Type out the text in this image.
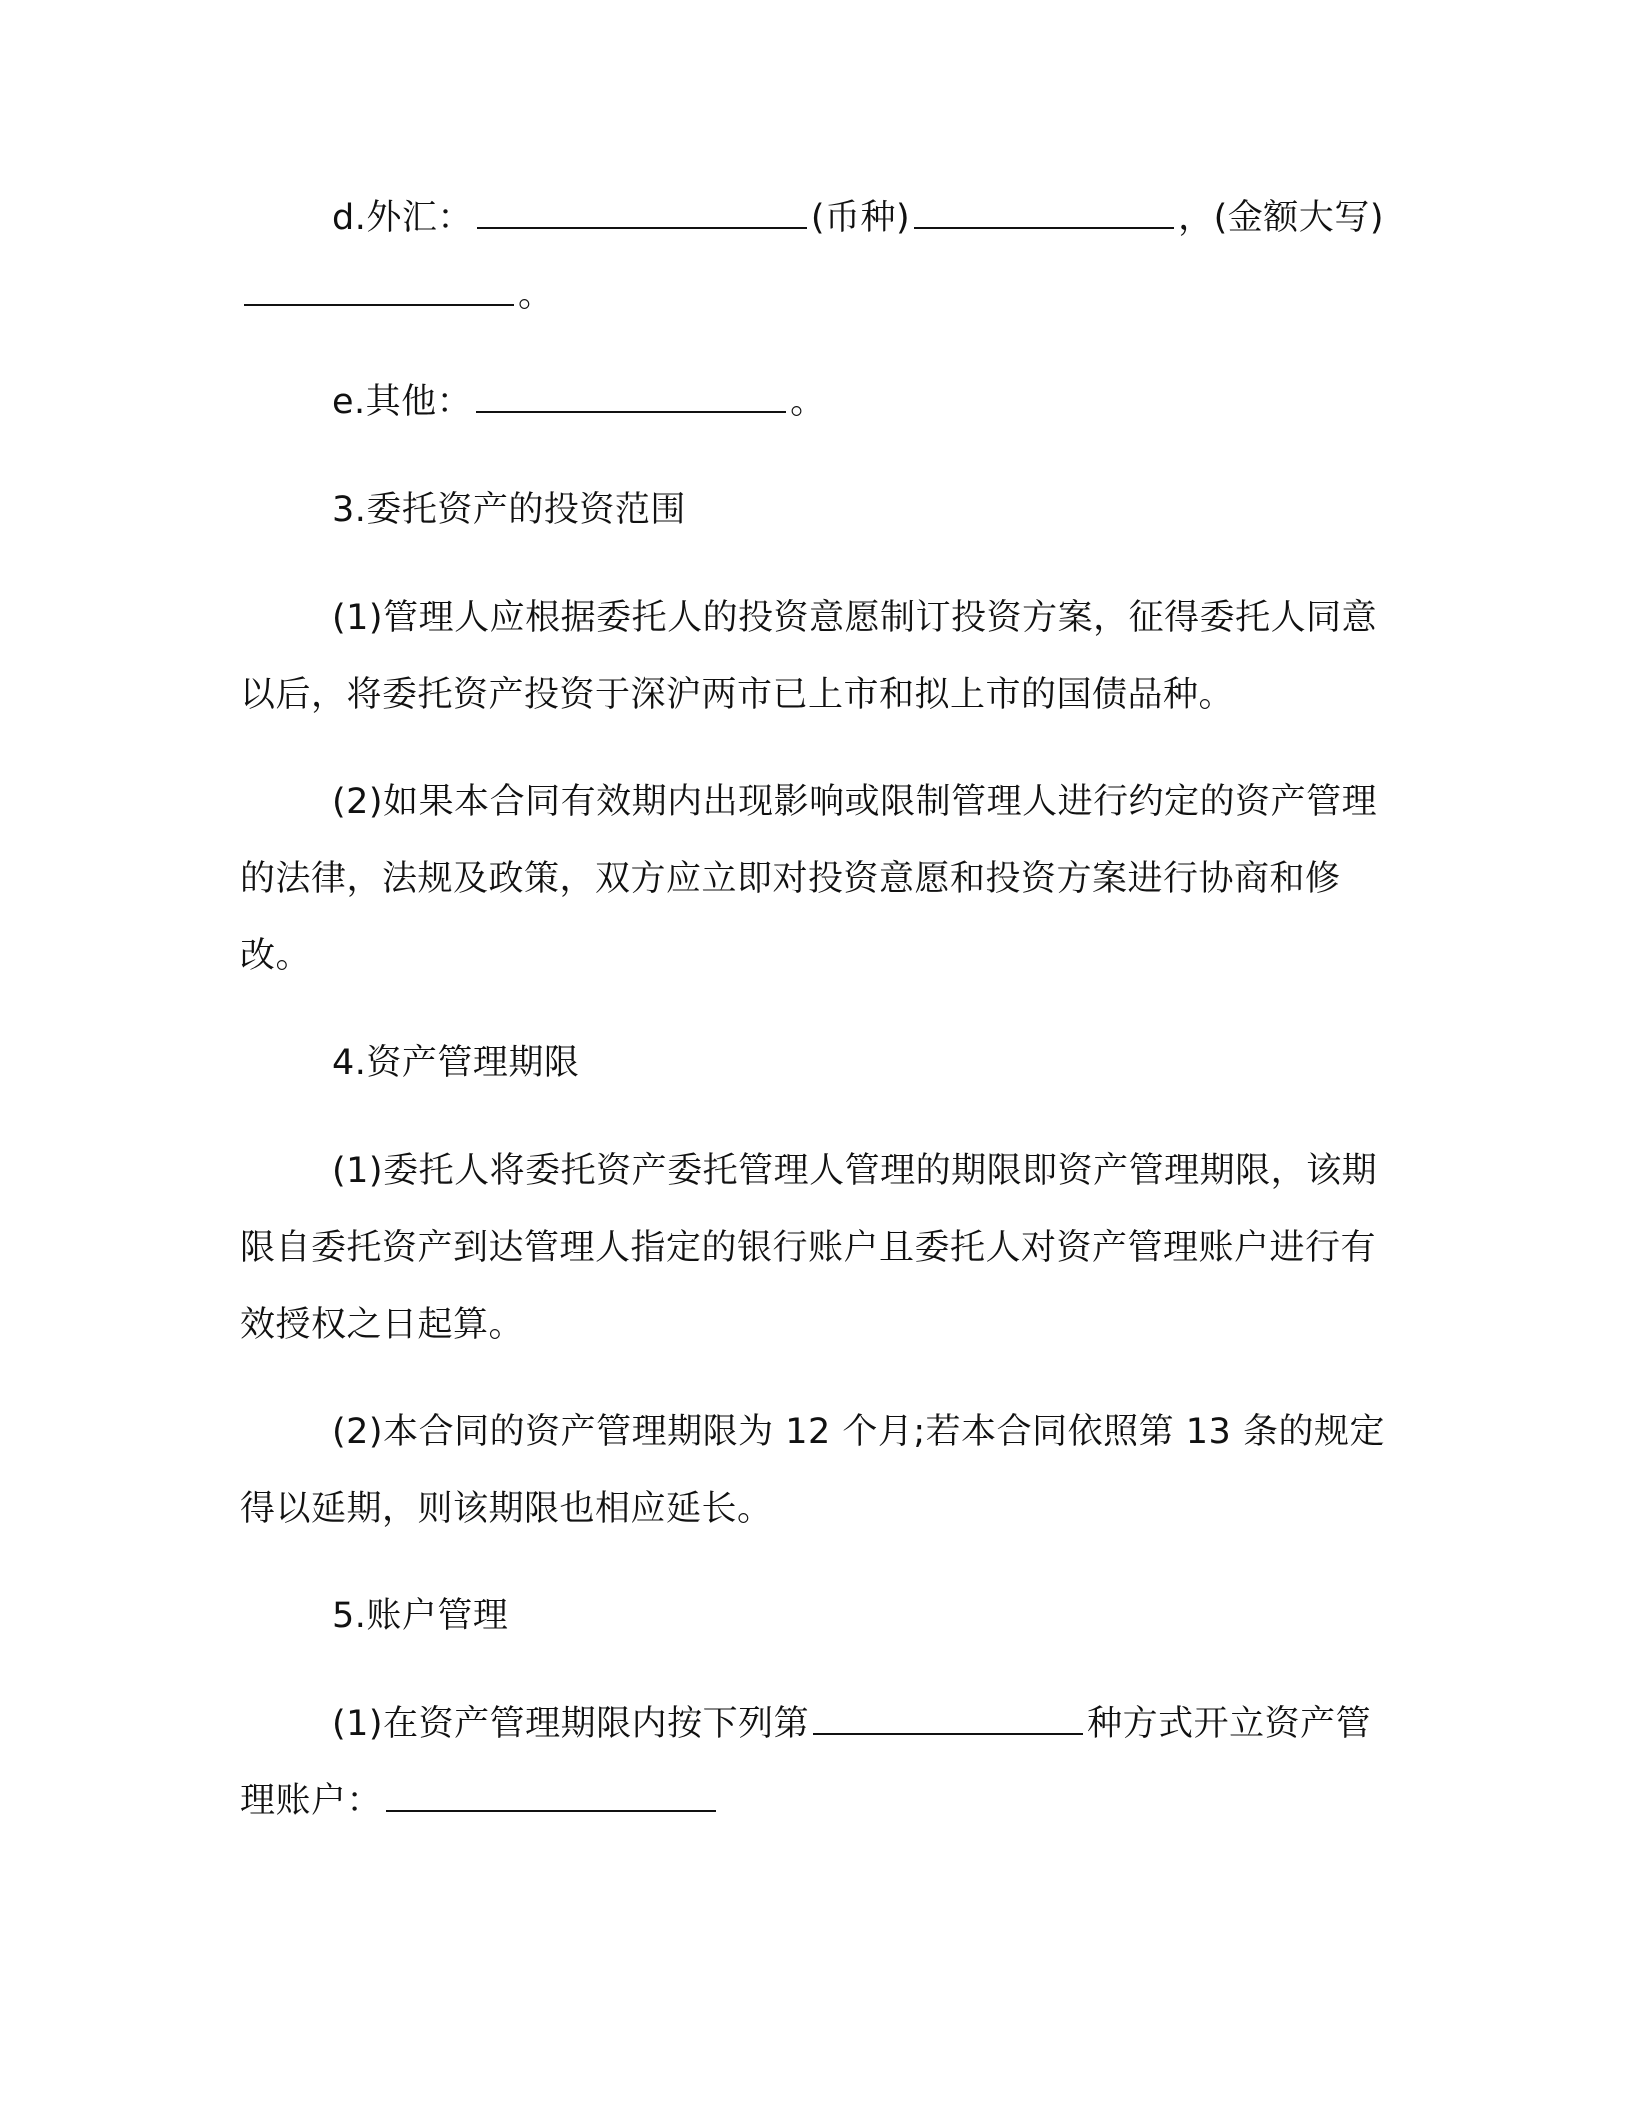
d.外汇：	(币种)	，(金额大写)。

e.其他：	。

3.委托资产的投资范围

(1)管理人应根据委托人的投资意愿制订投资方案，征得委托人同意以后，将委托资产投资于深沪两市已上市和拟上市的国债品种。

(2)如果本合同有效期内出现影响或限制管理人进行约定的资产管理的法律，法规及政策，双方应立即对投资意愿和投资方案进行协商和修改。

4.资产管理期限

(1)委托人将委托资产委托管理人管理的期限即资产管理期限，该期限自委托资产到达管理人指定的银行账户且委托人对资产管理账户进行有效授权之日起算。

(2)本合同的资产管理期限为 12 个月;若本合同依照第 13 条的规定得以延期，则该期限也相应延长。

5.账户管理

(1)在资产管理期限内按下列第	种方式开立资产管理账户：
